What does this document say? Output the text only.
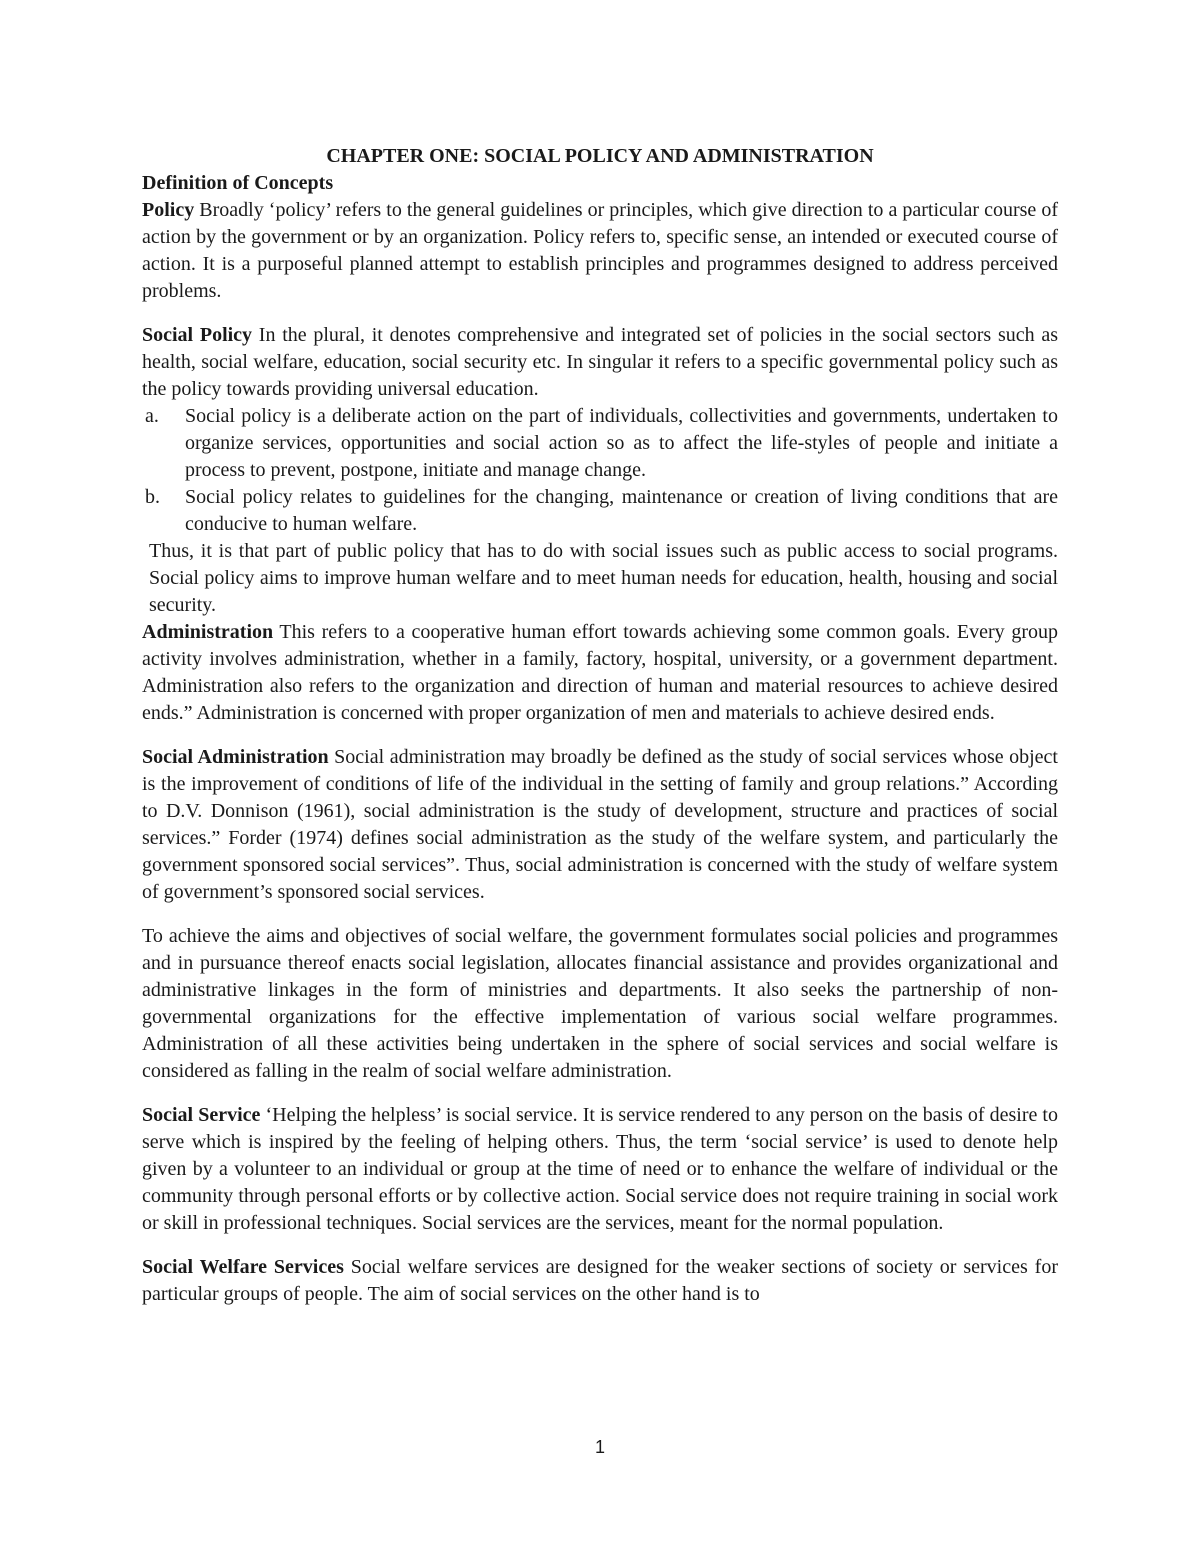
CHAPTER ONE: SOCIAL POLICY AND ADMINISTRATION

Definition of Concepts

Policy Broadly ‘policy’ refers to the general guidelines or principles, which give direction to a particular course of action by the government or by an organization. Policy refers to, specific sense, an intended or executed course of action. It is a purposeful planned attempt to establish principles and programmes designed to address perceived problems.

Social Policy In the plural, it denotes comprehensive and integrated set of policies in the social sectors such as health, social welfare, education, social security etc. In singular it refers to a specific governmental policy such as the policy towards providing universal education.

a. Social policy is a deliberate action on the part of individuals, collectivities and governments, undertaken to organize services, opportunities and social action so as to affect the life-styles of people and initiate a process to prevent, postpone, initiate and manage change.
b. Social policy relates to guidelines for the changing, maintenance or creation of living conditions that are conducive to human welfare.

Thus, it is that part of public policy that has to do with social issues such as public access to social programs. Social policy aims to improve human welfare and to meet human needs for education, health, housing and social security.

Administration This refers to a cooperative human effort towards achieving some common goals. Every group activity involves administration, whether in a family, factory, hospital, university, or a government department. Administration also refers to the organization and direction of human and material resources to achieve desired ends.” Administration is concerned with proper organization of men and materials to achieve desired ends.

Social Administration Social administration may broadly be defined as the study of social services whose object is the improvement of conditions of life of the individual in the setting of family and group relations.” According to D.V. Donnison (1961), social administration is the study of development, structure and practices of social services.” Forder (1974) defines social administration as the study of the welfare system, and particularly the government sponsored social services”. Thus, social administration is concerned with the study of welfare system of government’s sponsored social services.

To achieve the aims and objectives of social welfare, the government formulates social policies and programmes and in pursuance thereof enacts social legislation, allocates financial assistance and provides organizational and administrative linkages in the form of ministries and departments. It also seeks the partnership of non-governmental organizations for the effective implementation of various social welfare programmes. Administration of all these activities being undertaken in the sphere of social services and social welfare is considered as falling in the realm of social welfare administration.

Social Service ‘Helping the helpless’ is social service. It is service rendered to any person on the basis of desire to serve which is inspired by the feeling of helping others. Thus, the term ‘social service’ is used to denote help given by a volunteer to an individual or group at the time of need or to enhance the welfare of individual or the community through personal efforts or by collective action. Social service does not require training in social work or skill in professional techniques. Social services are the services, meant for the normal population.

Social Welfare Services Social welfare services are designed for the weaker sections of society or services for particular groups of people. The aim of social services on the other hand is to

1
